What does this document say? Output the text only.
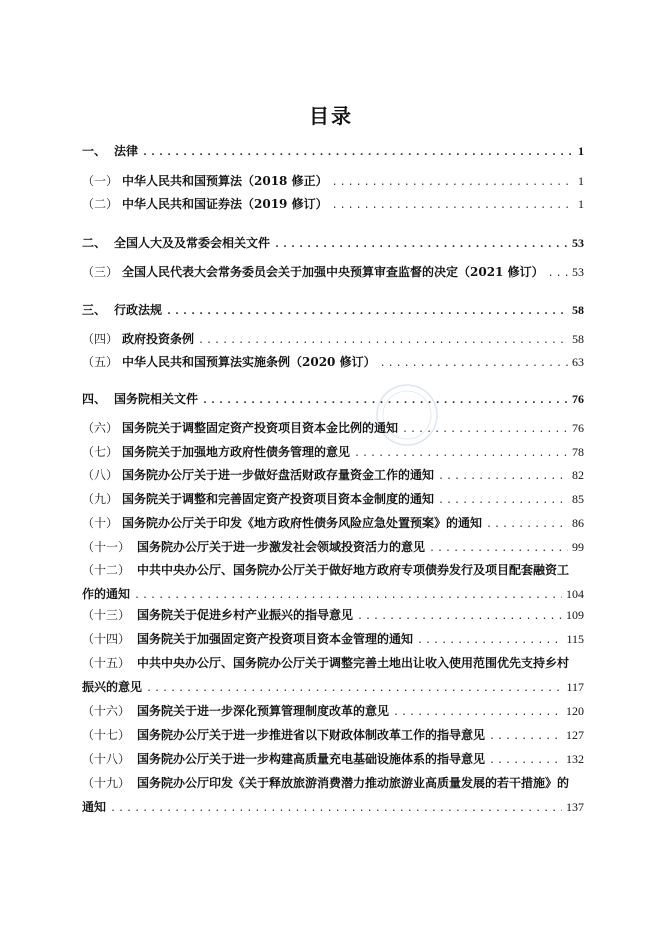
目录
一、 法律 .....	1
（一） 中华人民共和国预算法（2018 修正） .....	1
（二） 中华人民共和国证券法（2019 修订） .....	1
二、 全国人大及及常委会相关文件 .....	53
（三） 全国人民代表大会常务委员会关于加强中央预算审查监督的决定（2021 修订） ..... 53
三、 行政法规 .....	58
（四） 政府投资条例 .....	58
（五） 中华人民共和国预算法实施条例（2020 修订） .....	63
四、 国务院相关文件 .....	76
（六） 国务院关于调整固定资产投资项目资本金比例的通知 .....	76
（七） 国务院关于加强地方政府性债务管理的意见 .....	78
（八） 国务院办公厅关于进一步做好盘活财政存量资金工作的通知 .....	82
（九） 国务院关于调整和完善固定资产投资项目资本金制度的通知 .....	85
（十） 国务院办公厅关于印发《地方政府性债务风险应急处置预案》的通知 .....	86
（十一） 国务院办公厅关于进一步激发社会领域投资活力的意见 .....	99
（十二） 中共中央办公厅、国务院办公厅关于做好地方政府专项债券发行及项目配套融资工
作的通知 .....	104
（十三） 国务院关于促进乡村产业振兴的指导意见 .....	109
（十四） 国务院关于加强固定资产投资项目资本金管理的通知 .....	115
（十五） 中共中央办公厅、国务院办公厅关于调整完善土地出让收入使用范围优先支持乡村
振兴的意见 .....	117
（十六） 国务院关于进一步深化预算管理制度改革的意见 .....	120
（十七） 国务院办公厅关于进一步推进省以下财政体制改革工作的指导意见 .....	127
（十八） 国务院办公厅关于进一步构建高质量充电基础设施体系的指导意见 .....	132
（十九） 国务院办公厅印发《关于释放旅游消费潜力推动旅游业高质量发展的若干措施》的
通知 .....	137
